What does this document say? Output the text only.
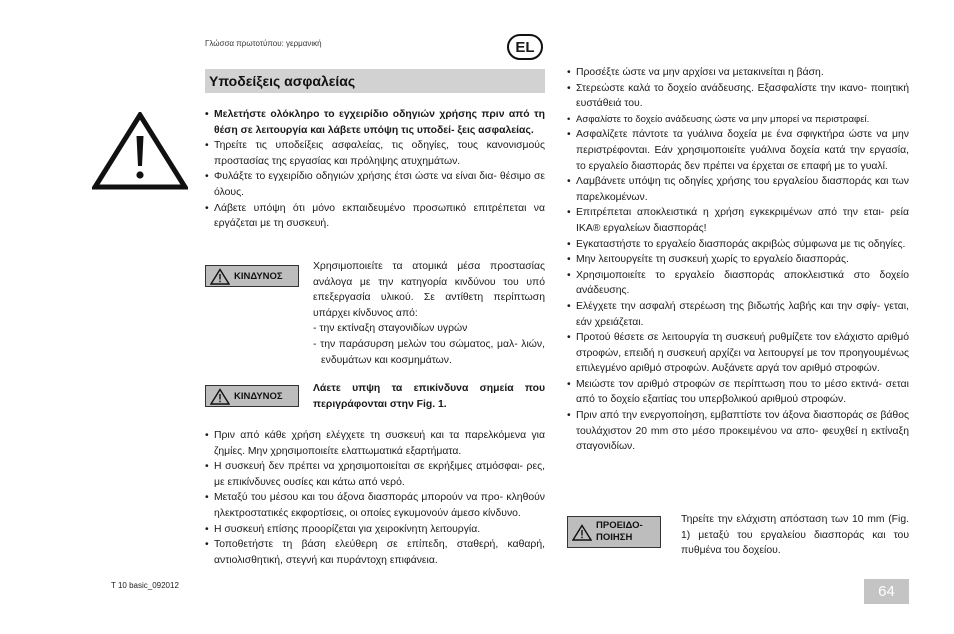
Γλώσσα πρωτοτύπου: γερμανική	EL
Υποδείξεις ασφαλείας
• Μελετήστε ολόκληρο το εγχειρίδιο οδηγιών χρήσης πριν από τη θέση σε λειτουργία και λάβετε υπόψη τις υποδεί- ξεις ασφαλείας.
• Τηρείτε τις υποδείξεις ασφαλείας, τις οδηγίες, τους κανονισμούς προστασίας της εργασίας και πρόληψης ατυχημάτων.
• Φυλάξτε το εγχειρίδιο οδηγιών χρήσης έτσι ώστε να είναι δια- θέσιμο σε όλους.
• Λάβετε υπόψη ότι μόνο εκπαιδευμένο προσωπικό επιτρέπεται να εργάζεται με τη συσκευή.
ΚΙΝΔΥΝΟΣ
Χρησιμοποιείτε τα ατομικά μέσα προστασίας ανάλογα με την κατηγορία κινδύνου του υπό επεξεργασία υλικού. Σε αντίθετη περίπτωση υπάρχει κίνδυνος από:
- την εκτίναξη σταγονιδίων υγρών
- την παράσυρση μελών του σώματος, μαλ- λιών, ενδυμάτων και κοσμημάτων.
ΚΙΝΔΥΝΟΣ
Λάετε υπψη τα επικίνδυνα σημεία που περιγράφονται στην Fig. 1.
• Πριν από κάθε χρήση ελέγχετε τη συσκευή και τα παρελκόμενα για ζημίες. Μην χρησιμοποιείτε ελαττωματικά εξαρτήματα.
• Η συσκευή δεν πρέπει να χρησιμοποιείται σε εκρήξιμες ατμόσφαι- ρες, με επικίνδυνες ουσίες και κάτω από νερό.
• Μεταξύ του μέσου και του άξονα διασποράς μπορούν να προ- κληθούν ηλεκτροστατικές εκφορτίσεις, οι οποίες εγκυμονούν άμεσο κίνδυνο.
• Η συσκευή επίσης προορίζεται για χειροκίνητη λειτουργία.
• Τοποθετήστε τη βάση ελεύθερη σε επίπεδη, σταθερή, καθαρή, αντιολισθητική, στεγνή και πυράντοχη επιφάνεια.
• Προσέξτε ώστε να μην αρχίσει να μετακινείται η βάση.
• Στερεώστε καλά το δοχείο ανάδευσης. Εξασφαλίστε την ικανο- ποιητική ευστάθειά του.
• Ασφαλίστε το δοχείο ανάδευσης ώστε να μην μπορεί να περιστραφεί.
• Ασφαλίζετε πάντοτε τα γυάλινα δοχεία με ένα σφιγκτήρα ώστε να μην περιστρέφονται. Εάν χρησιμοποιείτε γυάλινα δοχεία κατά την εργασία, το εργαλείο διασποράς δεν πρέπει να έρχεται σε επαφή με το γυαλί.
• Λαμβάνετε υπόψη τις οδηγίες χρήσης του εργαλείου διασποράς και των παρελκομένων.
• Επιτρέπεται αποκλειστικά η χρήση εγκεκριμένων από την εται- ρεία IKA® εργαλείων διασποράς!
• Εγκαταστήστε το εργαλείο διασποράς ακριβώς σύμφωνα με τις οδηγίες.
• Μην λειτουργείτε τη συσκευή χωρίς το εργαλείο διασποράς.
• Χρησιμοποιείτε το εργαλείο διασποράς αποκλειστικά στο δοχείο ανάδευσης.
• Ελέγχετε την ασφαλή στερέωση της βιδωτής λαβής και την σφίγ- γεται, εάν χρειάζεται.
• Προτού θέσετε σε λειτουργία τη συσκευή ρυθμίζετε τον ελάχιστο αριθμό στροφών, επειδή η συσκευή αρχίζει να λειτουργεί με τον προηγουμένως επιλεγμένο αριθμό στροφών. Αυξάνετε αργά τον αριθμό στροφών.
• Μειώστε τον αριθμό στροφών σε περίπτωση που το μέσο εκτινά- σεται από το δοχείο εξαιτίας του υπερβολικού αριθμού στροφών.
• Πριν από την ενεργοποίηση, εμβαπτίστε τον άξονα διασποράς σε βάθος τουλάχιστον 20 mm στο μέσο προκειμένου να απο- φευχθεί η εκτίναξη σταγονιδίων.
ΠΡΟΕΙΔΟ-
ΠΟΙΗΣΗ
Τηρείτε την ελάχιστη απόσταση των 10 mm (Fig. 1) μεταξύ του εργαλείου διασποράς και του πυθμένα του δοχείου.
T 10 basic_092012	64
